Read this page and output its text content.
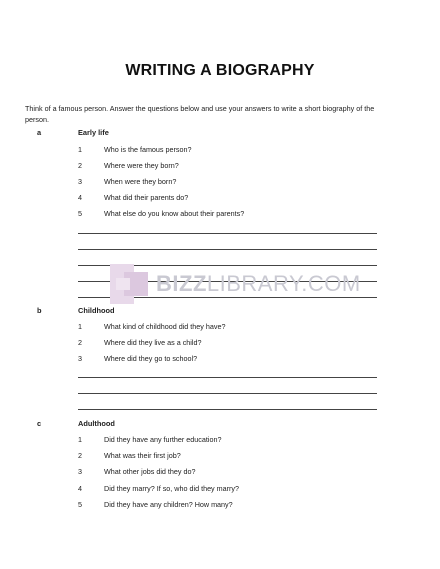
WRITING A BIOGRAPHY
Think of a famous person. Answer the questions below and use your answers to write a short biography of the person.
a	Early life
1	Who is the famous person?
2	Where were they born?
3	When were they born?
4	What did their parents do?
5	What else do you know about their parents?
BIZZLIBRARY.COM
b	Childhood
1	What kind of childhood did they have?
2	Where did they live as a child?
3	Where did they go to school?
c	Adulthood
1	Did they have any further education?
2	What was their first job?
3	What other jobs did they do?
4	Did they marry? If so, who did they marry?
5	Did they have any children? How many?
